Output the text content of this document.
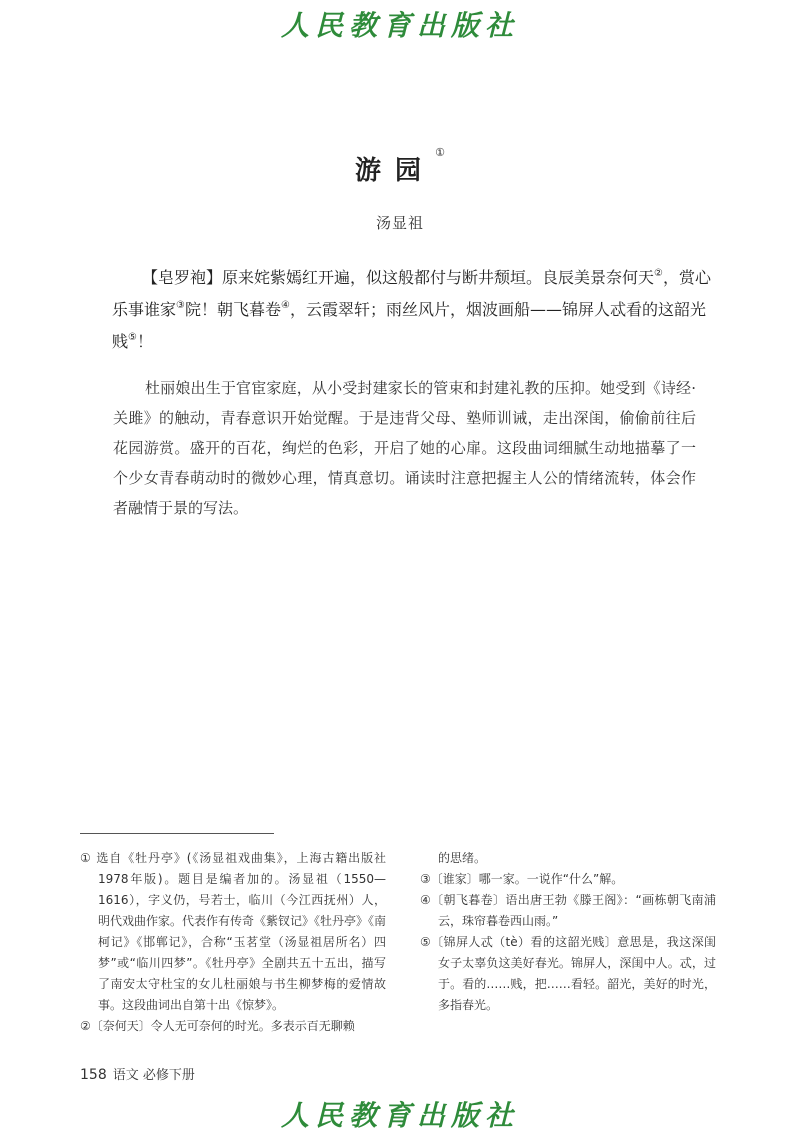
人民教育出版社
游园①
汤显祖
【皂罗袍】原来姹紫嫣红开遍，似这般都付与断井颓垣。良辰美景奈何天②，赏心乐事谁家③院！朝飞暮卷④，云霞翠轩；雨丝风片，烟波画船——锦屏人忒看的这韶光贱⑤！
杜丽娘出生于官宦家庭，从小受封建家长的管束和封建礼教的压抑。她受到《诗经·关雎》的触动，青春意识开始觉醒。于是违背父母、塾师训诫，走出深闺，偷偷前往后花园游赏。盛开的百花，绚烂的色彩，开启了她的心扉。这段曲词细腻生动地描摹了一个少女青春萌动时的微妙心理，情真意切。诵读时注意把握主人公的情绪流转，体会作者融情于景的写法。

① 选自《牡丹亭》(《汤显祖戏曲集》，上海古籍出版社 1978年版)。题目是编者加的。汤显祖（1550—1616），字义仍，号若士，临川（今江西抚州）人，明代戏曲作家。代表作有传奇《紫钗记》《牡丹亭》《南柯记》《邯郸记》，合称“玉茗堂（汤显祖居所名）四梦”或“临川四梦”。《牡丹亭》全剧共五十五出，描写了南安太守杜宝的女儿杜丽娘与书生柳梦梅的爱情故事。这段曲词出自第十出《惊梦》。

②〔奈何天〕令人无可奈何的时光。多表示百无聊赖

的思绪。

③〔谁家〕哪一家。一说作“什么”解。

④〔朝飞暮卷〕语出唐王勃《滕王阁》：“画栋朝飞南浦云，珠帘暮卷西山雨。”

⑤〔锦屏人忒（tè）看的这韶光贱〕意思是，我这深闺女子太辜负这美好春光。锦屏人，深闺中人。忒，过于。看的……贱，把……看轻。韶光，美好的时光，多指春光。

158 语文 必修下册
人民教育出版社
